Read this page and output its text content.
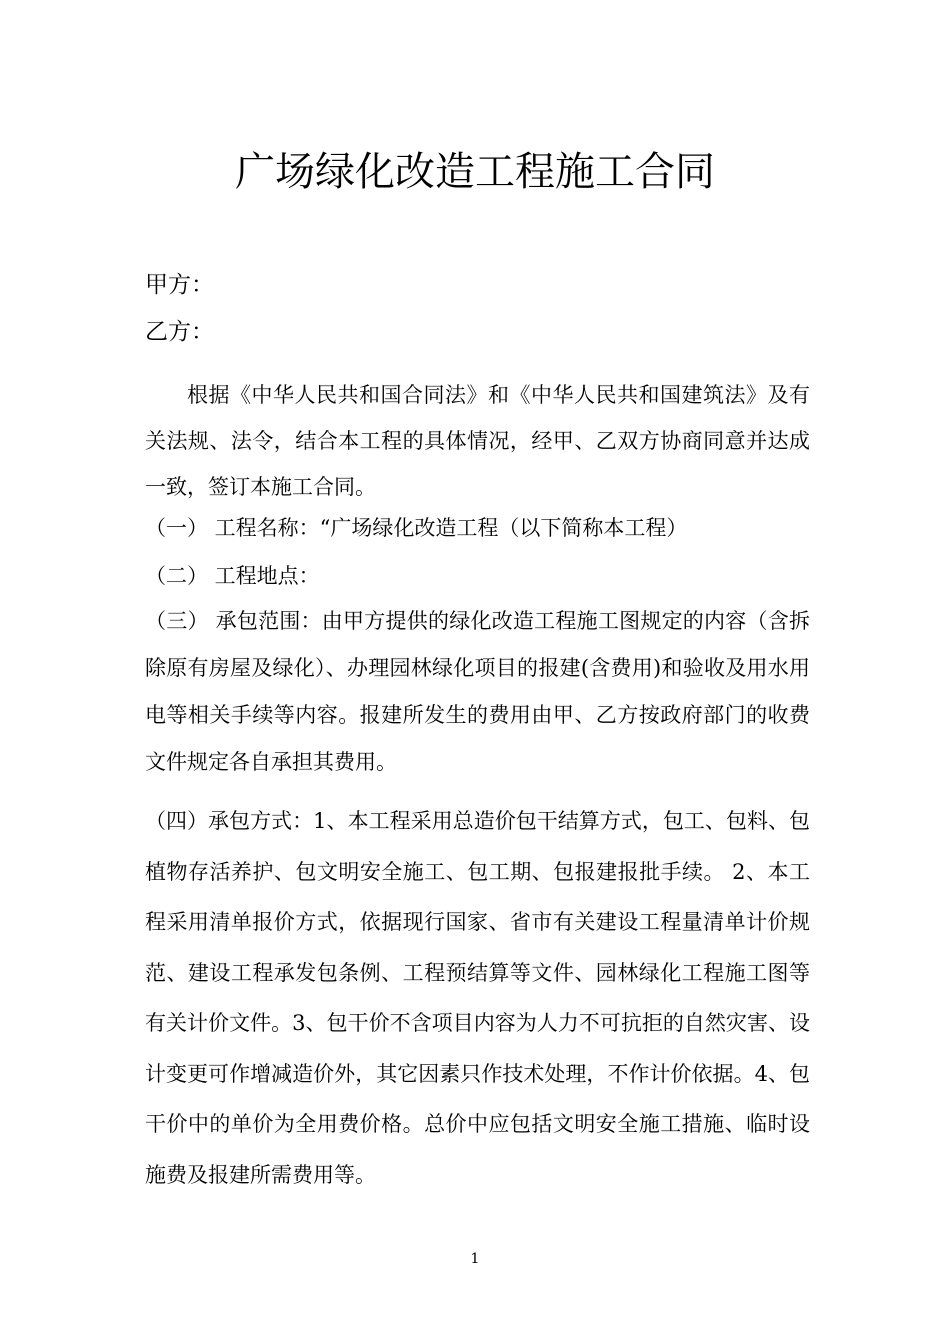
广场绿化改造工程施工合同
甲方：
乙方：
根据《中华人民共和国合同法》和《中华人民共和国建筑法》及有关法规、法令，结合本工程的具体情况，经甲、乙双方协商同意并达成一致，签订本施工合同。
（一） 工程名称：“广场绿化改造工程（以下简称本工程）
（二） 工程地点：
（三） 承包范围：由甲方提供的绿化改造工程施工图规定的内容（含拆除原有房屋及绿化）、办理园林绿化项目的报建(含费用)和验收及用水用电等相关手续等内容。报建所发生的费用由甲、乙方按政府部门的收费文件规定各自承担其费用。
（四）承包方式：1、本工程采用总造价包干结算方式，包工、包料、包植物存活养护、包文明安全施工、包工期、包报建报批手续。 2、本工程采用清单报价方式，依据现行国家、省市有关建设工程量清单计价规范、建设工程承发包条例、工程预结算等文件、园林绿化工程施工图等有关计价文件。3、包干价不含项目内容为人力不可抗拒的自然灾害、设计变更可作增减造价外，其它因素只作技术处理，不作计价依据。4、包干价中的单价为全用费价格。总价中应包括文明安全施工措施、临时设施费及报建所需费用等。
1
